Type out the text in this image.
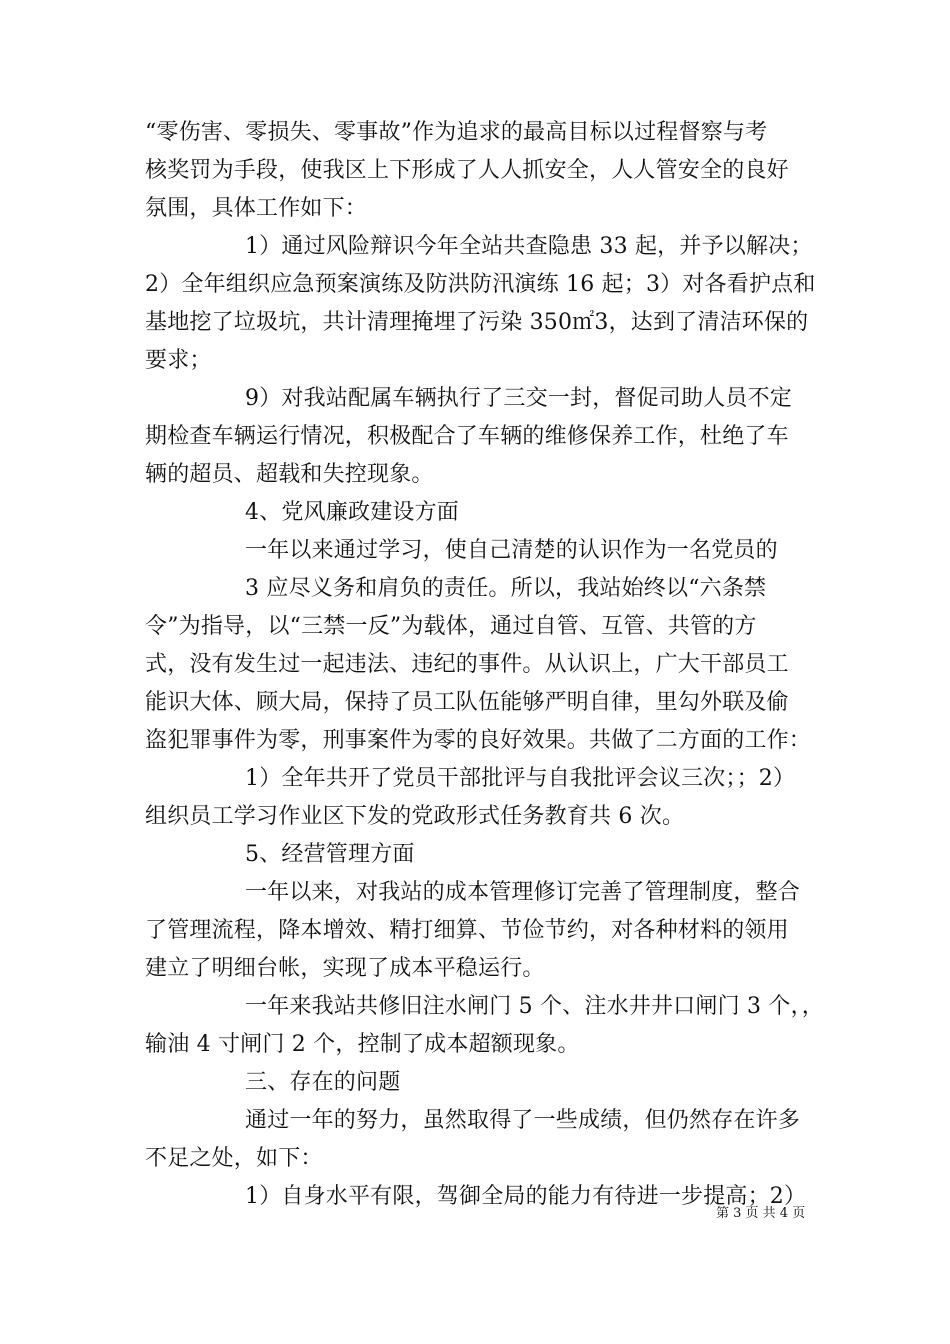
“零伤害、零损失、零事故”作为追求的最高目标以过程督察与考
核奖罚为手段，使我区上下形成了人人抓安全，人人管安全的良好
氛围，具体工作如下：
1）通过风险辩识今年全站共查隐患 33 起，并予以解决；
2）全年组织应急预案演练及防洪防汛演练 16 起；3）对各看护点和
基地挖了垃圾坑，共计清理掩埋了污染 350㎡3，达到了清洁环保的
要求；
9）对我站配属车辆执行了三交一封，督促司助人员不定
期检查车辆运行情况，积极配合了车辆的维修保养工作，杜绝了车
辆的超员、超载和失控现象。
4、党风廉政建设方面
一年以来通过学习，使自己清楚的认识作为一名党员的
3 应尽义务和肩负的责任。所以，我站始终以“六条禁
令”为指导，以“三禁一反”为载体，通过自管、互管、共管的方
式，没有发生过一起违法、违纪的事件。从认识上，广大干部员工
能识大体、顾大局，保持了员工队伍能够严明自律，里勾外联及偷
盗犯罪事件为零，刑事案件为零的良好效果。共做了二方面的工作：
1）全年共开了党员干部批评与自我批评会议三次；；2）
组织员工学习作业区下发的党政形式任务教育共 6 次。
5、经营管理方面
一年以来，对我站的成本管理修订完善了管理制度，整合
了管理流程，降本增效、精打细算、节俭节约，对各种材料的领用
建立了明细台帐，实现了成本平稳运行。
一年来我站共修旧注水闸门 5 个、注水井井口闸门 3 个，，
输油 4 寸闸门 2 个，控制了成本超额现象。
三、存在的问题
通过一年的努力，虽然取得了一些成绩，但仍然存在许多
不足之处，如下：
1）自身水平有限，驾御全局的能力有待进一步提高；2）
第 3 页 共 4 页
